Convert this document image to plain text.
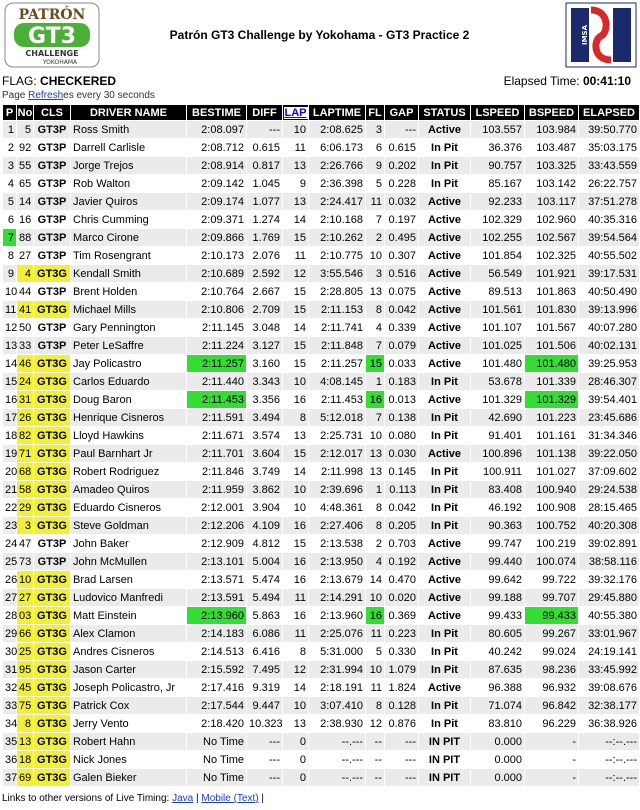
PATRÓN
GT3
CHALLENGE
YOKOHAMA
Patrón GT3 Challenge by Yokohama - GT3 Practice 2	IMSA
FLAG: CHECKERED	Elapsed Time: 00:41:10
Page Refreshes every 30 seconds
P	No	CLS	DRIVER NAME	BESTIME	DIFF	LAP	LAPTIME	FL	GAP	STATUS	LSPEED	BSPEED	ELAPSED
1	5	GT3P	Ross Smith	2:08.097	---	10	2:08.625	3	---	Active	103.557	103.984	39:50.770
2	92	GT3P	Darrell Carlisle	2:08.712	0.615	11	6:06.173	6	0.615	In Pit	36.376	103.487	35:03.175
3	55	GT3P	Jorge Trejos	2:08.914	0.817	13	2:26.766	9	0.202	In Pit	90.757	103.325	33:43.559
4	65	GT3P	Rob Walton	2:09.142	1.045	9	2:36.398	5	0.228	In Pit	85.167	103.142	26:22.757
5	14	GT3P	Javier Quiros	2:09.174	1.077	13	2:24.417	11	0.032	Active	92.233	103.117	37:51.278
6	16	GT3P	Chris Cumming	2:09.371	1.274	14	2:10.168	7	0.197	Active	102.329	102.960	40:35.316
7	88	GT3P	Marco Cirone	2:09.866	1.769	15	2:10.262	2	0.495	Active	102.255	102.567	39:54.564
8	27	GT3P	Tim Rosengrant	2:10.173	2.076	11	2:10.775	10	0.307	Active	101.854	102.325	40:55.502
9	4	GT3G	Kendall Smith	2:10.689	2.592	12	3:55.546	3	0.516	Active	56.549	101.921	39:17.531
10	44	GT3P	Brent Holden	2:10.764	2.667	15	2:28.805	13	0.075	Active	89.513	101.863	40:50.490
11	41	GT3G	Michael Mills	2:10.806	2.709	15	2:11.153	8	0.042	Active	101.561	101.830	39:13.996
12	50	GT3P	Gary Pennington	2:11.145	3.048	14	2:11.741	4	0.339	Active	101.107	101.567	40:07.280
13	33	GT3P	Peter LeSaffre	2:11.224	3.127	15	2:11.848	7	0.079	Active	101.025	101.506	40:02.131
14	46	GT3G	Jay Policastro	2:11.257	3.160	15	2:11.257	15	0.033	Active	101.480	101.480	39:25.953
15	24	GT3G	Carlos Eduardo	2:11.440	3.343	10	4:08.145	1	0.183	In Pit	53.678	101.339	28:46.307
16	31	GT3G	Doug Baron	2:11.453	3.356	16	2:11.453	16	0.013	Active	101.329	101.329	39:54.401
17	26	GT3G	Henrique Cisneros	2:11.591	3.494	8	5:12.018	7	0.138	In Pit	42.690	101.223	23:45.686
18	82	GT3G	Lloyd Hawkins	2:11.671	3.574	13	2:25.731	10	0.080	In Pit	91.401	101.161	31:34.346
19	71	GT3G	Paul Barnhart Jr	2:11.701	3.604	15	2:12.017	13	0.030	Active	100.896	101.138	39:22.050
20	68	GT3G	Robert Rodriguez	2:11.846	3.749	14	2:11.998	13	0.145	In Pit	100.911	101.027	37:09.602
21	58	GT3G	Amadeo Quiros	2:11.959	3.862	10	2:39.696	1	0.113	In Pit	83.408	100.940	29:24.538
22	29	GT3G	Eduardo Cisneros	2:12.001	3.904	10	4:48.361	8	0.042	In Pit	46.192	100.908	28:15.465
23	3	GT3G	Steve Goldman	2:12.206	4.109	16	2:27.406	8	0.205	In Pit	90.363	100.752	40:20.308
24	47	GT3P	John Baker	2:12.909	4.812	15	2:13.538	2	0.703	Active	99.747	100.219	39:02.891
25	73	GT3P	John McMullen	2:13.101	5.004	16	2:13.950	4	0.192	Active	99.440	100.074	38:58.116
26	10	GT3G	Brad Larsen	2:13.571	5.474	16	2:13.679	14	0.470	Active	99.642	99.722	39:32.176
27	27	GT3G	Ludovico Manfredi	2:13.591	5.494	11	2:14.291	10	0.020	Active	99.188	99.707	29:45.880
28	03	GT3G	Matt Einstein	2:13.960	5.863	16	2:13.960	16	0.369	Active	99.433	99.433	40:55.380
29	66	GT3G	Alex Clamon	2:14.183	6.086	11	2:25.076	11	0.223	In Pit	80.605	99.267	33:01.967
30	25	GT3G	Andres Cisneros	2:14.513	6.416	8	5:31.000	5	0.330	In Pit	40.242	99.024	24:19.141
31	95	GT3G	Jason Carter	2:15.592	7.495	12	2:31.994	10	1.079	In Pit	87.635	98.236	33:45.992
32	45	GT3G	Joseph Policastro, Jr	2:17.416	9.319	14	2:18.191	11	1.824	Active	96.388	96.932	39:08.676
33	75	GT3G	Patrick Cox	2:17.544	9.447	10	3:07.410	8	0.128	In Pit	71.074	96.842	32:38.177
34	8	GT3G	Jerry Vento	2:18.420	10.323	13	2:38.930	12	0.876	In Pit	83.810	96.229	36:38.926
35	13	GT3G	Robert Hahn	No Time	---	0	--.---	--	---	IN PIT	0.000	-	--:--.---
36	18	GT3G	Nick Jones	No Time	---	0	--.---	--	---	IN PIT	0.000	-	--:--.---
37	69	GT3G	Galen Bieker	No Time	---	0	--.---	--	---	IN PIT	0.000	-	--:--.---
Links to other versions of Live Timing: Java | Mobile (Text) |
